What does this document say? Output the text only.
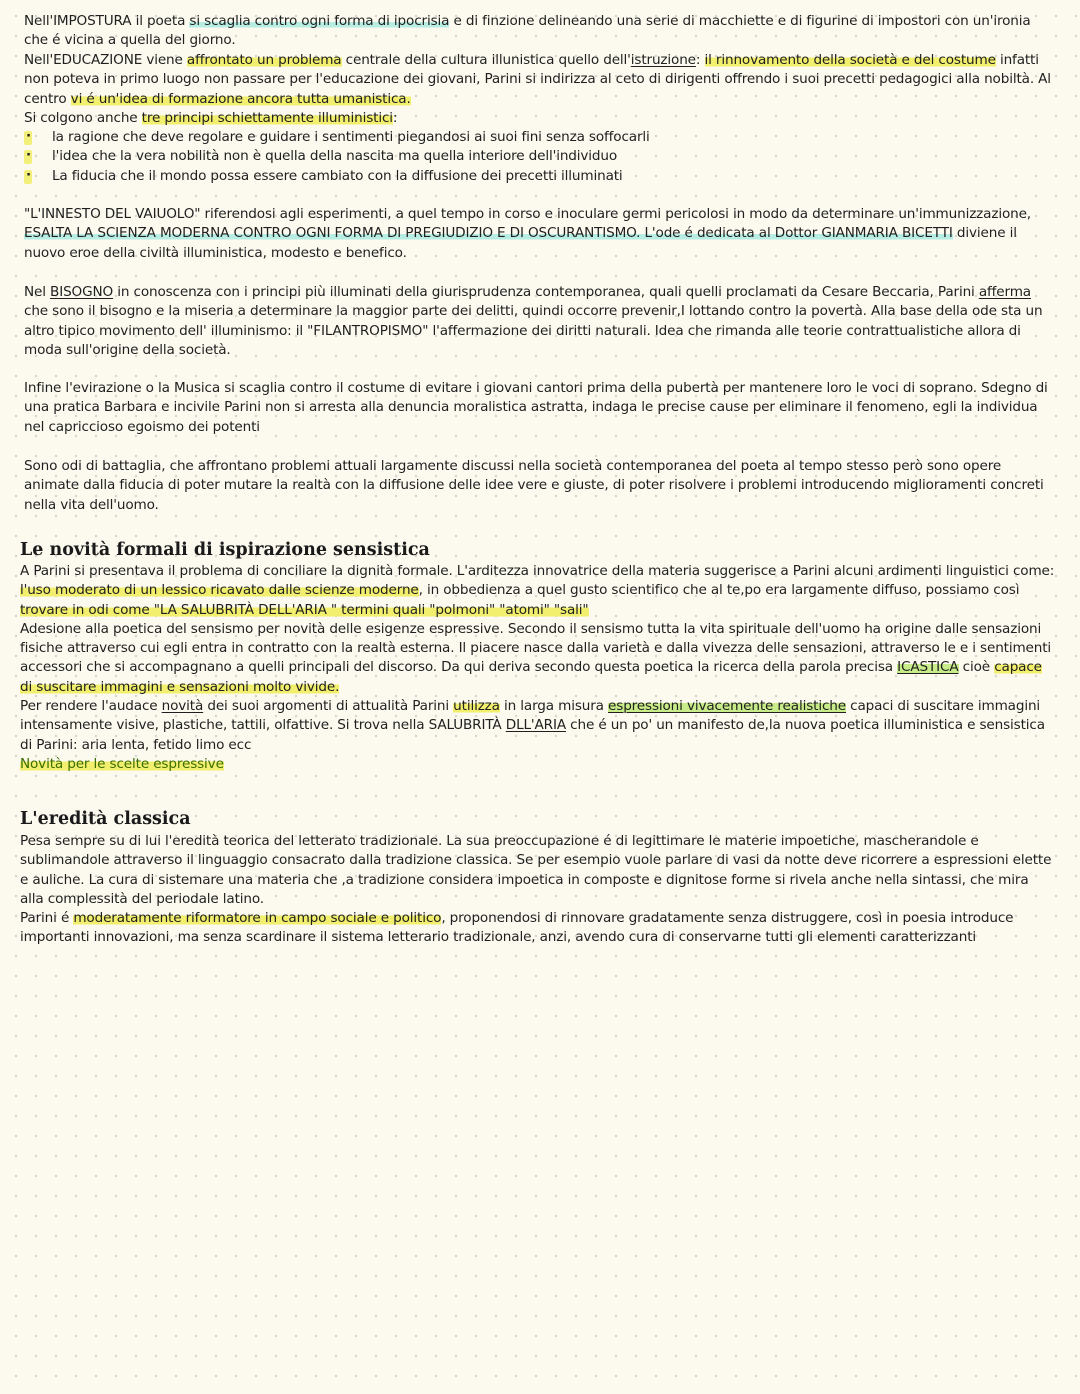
Nell'IMPOSTURA il poeta si scaglia contro ogni forma di ipocrisia e di finzione delineando una serie di macchiette e di figurine di impostori con un'ironia che é vicina a quella del giorno.

Nell'EDUCAZIONE viene affrontato un problema centrale della cultura illunistica quello dell'istruzione: il rinnovamento della società e del costume infatti non poteva in primo luogo non passare per l'educazione dei giovani, Parini si indirizza al ceto di dirigenti offrendo i suoi precetti pedagogici alla nobiltà. Al centro vi é un'idea di formazione ancora tutta umanistica.
Si colgono anche tre principi schiettamente illuministici:
la ragione che deve regolare e guidare i sentimenti piegandosi ai suoi fini senza soffocarli ·
l'idea che la vera nobilità non è quella della nascita ma quella interiore dell'individuo ·
La fiducia che il mondo possa essere cambiato con la diffusione dei precetti illuminati ·

"L'INNESTO DEL VAIUOLO" riferendosi agli esperimenti, a quel tempo in corso e inoculare germi pericolosi in modo da determinare un'immunizzazione, ESALTA LA SCIENZA MODERNA CONTRO OGNI FORMA DI PREGIUDIZIO E DI OSCURANTISMO. L'ode é dedicata al Dottor GIANMARIA BICETTI diviene il nuovo eroe della civiltà illuministica, modesto e benefico.

Nel BISOGNO in conoscenza con i principi più illuminati della giurisprudenza contemporanea, quali quelli proclamati da Cesare Beccaria, Parini afferma che sono il bisogno e la miseria a determinare la maggior parte dei delitti, quindi occorre prevenir,I lottando contro la povertà. Alla base della ode sta un altro tipico movimento dell' illuminismo: il "FILANTROPISMO" l'affermazione dei diritti naturali. Idea che rimanda alle teorie contrattualistiche allora di moda sull'origine della società.

Infine l'evirazione o la Musica si scaglia contro il costume di evitare i giovani cantori prima della pubertà per mantenere loro le voci di soprano. Sdegno di una pratica Barbara e incivile Parini non si arresta alla denuncia moralistica astratta, indaga le precise cause per eliminare il fenomeno, egli la individua nel capriccioso egoismo dei potenti

Sono odi di battaglia, che affrontano problemi attuali largamente discussi nella società contemporanea del poeta al tempo stesso però sono opere animate dalla fiducia di poter mutare la realtà con la diffusione delle idee vere e giuste, di poter risolvere i problemi introducendo miglioramenti concreti nella vita dell'uomo.

Le novità formali di ispirazione sensistica

A Parini si presentava il problema di conciliare la dignità formale. L'arditezza innovatrice della materia suggerisce a Parini alcuni ardimenti linguistici come: l'uso moderato di un lessico ricavato dalle scienze moderne, in obbedienza a quel gusto scientifico che al te,po era largamente diffuso, possiamo così trovare in odi come "LA SALUBRITÀ DELL'ARIA " termini quali "polmoni" "atomi" "sali"
Adesione alla poetica del sensismo per novità delle esigenze espressive. Secondo il sensismo tutta la vita spirituale dell'uomo ha origine dalle sensazioni fisiche attraverso cui egli entra in contratto con la realtà esterna. Il piacere nasce dalla varietà e dalla vivezza delle sensazioni, attraverso le e i sentimenti accessori che si accompagnano a quelli principali del discorso. Da qui deriva secondo questa poetica la ricerca della parola precisa ICASTICA cioè capace di suscitare immagini e sensazioni molto vivide.
Per rendere l'audace novità dei suoi argomenti di attualità Parini utilizza in larga misura espressioni vivacemente realistiche capaci di suscitare immagini intensamente visive, plastiche, tattili, olfattive. Si trova nella SALUBRITÀ DLL'ARIA che é un po' un manifesto de,la nuova poetica illuministica e sensistica di Parini: aria lenta, fetido limo ecc
Novità per le scelte espressive

L'eredità classica

Pesa sempre su di lui l'eredità teorica del letterato tradizionale. La sua preoccupazione é di legittimare le materie impoetiche, mascherandole e sublimandole attraverso il linguaggio consacrato dalla tradizione classica. Se per esempio vuole parlare di vasi da notte deve ricorrere a espressioni elette e auliche. La cura di sistemare una materia che ,a tradizione considera impoetica in composte e dignitose forme si rivela anche nella sintassi, che mira alla complessità del periodale latino.
Parini é moderatamente riformatore in campo sociale e politico, proponendosi di rinnovare gradatamente senza distruggere, così in poesia introduce importanti innovazioni, ma senza scardinare il sistema letterario tradizionale, anzi, avendo cura di conservarne tutti gli elementi caratterizzanti
